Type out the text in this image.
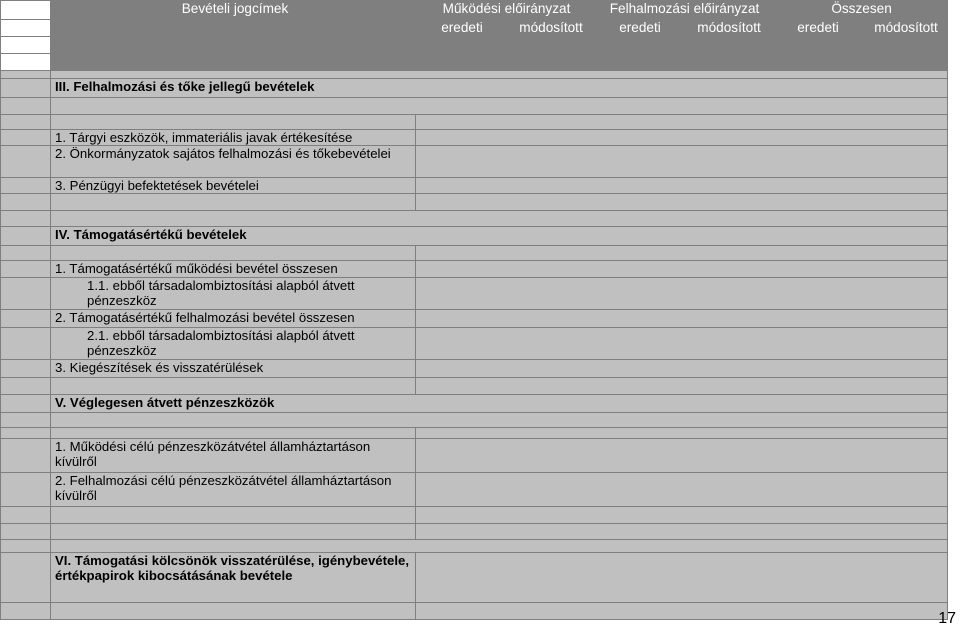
	Bevételi jogcímek	Működési előirányzat		Felhalmozási előirányzat		Összesen	
		eredeti	módosított	eredeti	módosított	eredeti	módosított

	III. Felhalmozási és tőke jellegű bevételek						

	1. Tárgyi eszközök, immateriális javak értékesítése						
	2. Önkormányzatok sajátos felhalmozási és tőkebevételei						
	3. Pénzügyi befektetések bevételei						

	IV. Támogatásértékű bevételek						

	1. Támogatásértékű működési bevétel összesen						
	1.1. ebből társadalombiztosítási alapból átvett pénzeszköz						
	2. Támogatásértékű felhalmozási bevétel összesen						
	2.1. ebből társadalombiztosítási alapból átvett pénzeszköz						
	3. Kiegészítések és visszatérülések						

	V. Véglegesen átvett pénzeszközök						

	1. Működési célú pénzeszközátvétel államháztartáson kívülről						
	2. Felhalmozási célú pénzeszközátvétel államháztartáson kívülről						

	VI. Támogatási kölcsönök visszatérülése, igénybevétele, értékpapirok kibocsátásának bevétele						

17
